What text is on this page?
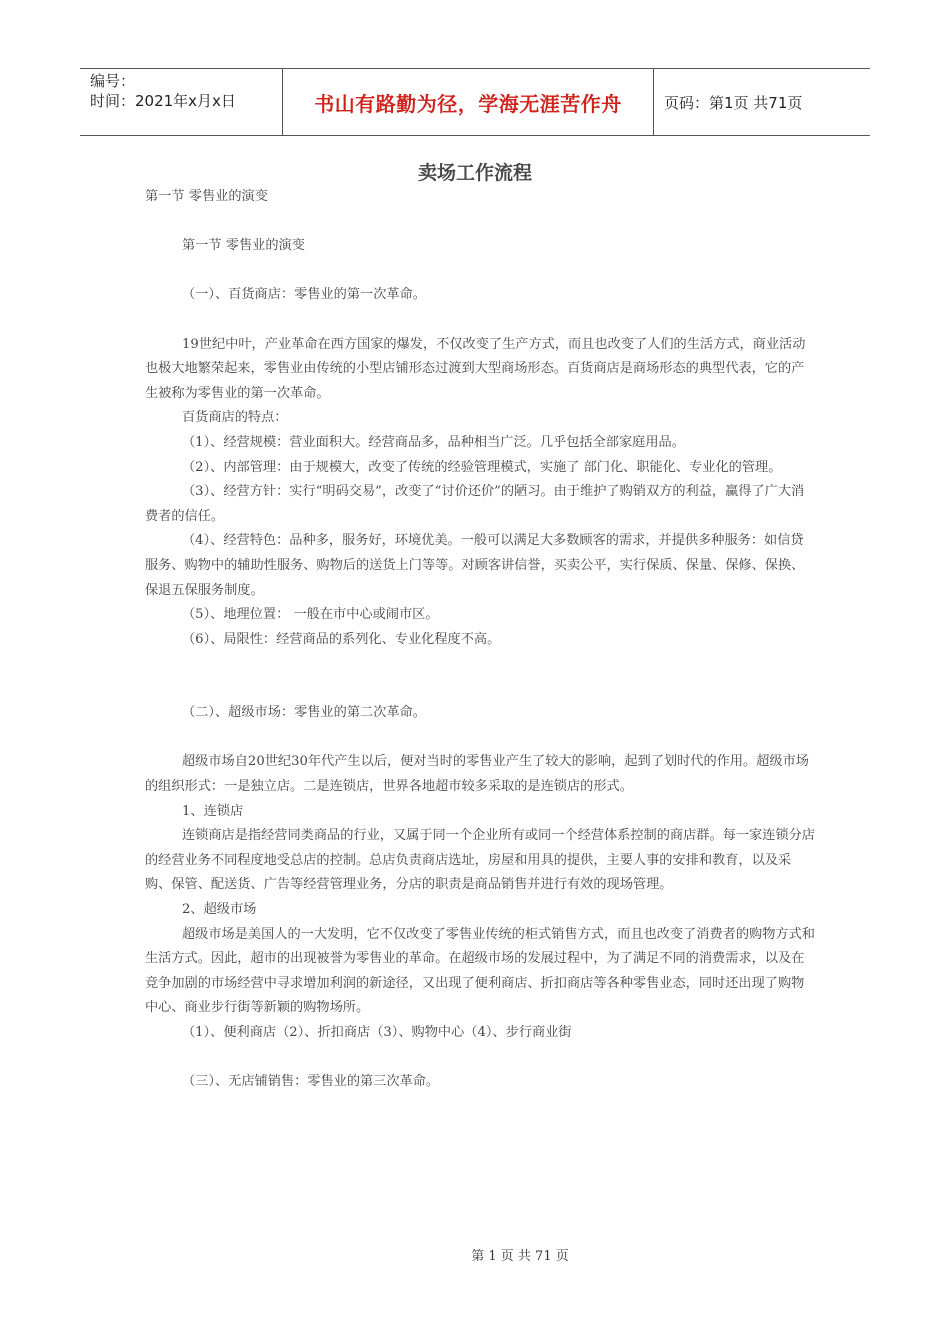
编号：
时间：2021年x月x日	书山有路勤为径，学海无涯苦作舟	页码：第1页 共71页
卖场工作流程

第一节 零售业的演变

第一节 零售业的演变

（一）、百货商店：零售业的第一次革命。

19世纪中叶，产业革命在西方国家的爆发，不仅改变了生产方式，而且也改变了人们的生活方式，商业活动也极大地繁荣起来，零售业由传统的小型店铺形态过渡到大型商场形态。百货商店是商场形态的典型代表，它的产生被称为零售业的第一次革命。

百货商店的特点：

（1）、经营规模：营业面积大。经营商品多，品种相当广泛。几乎包括全部家庭用品。

（2）、内部管理：由于规模大，改变了传统的经验管理模式，实施了 部门化、职能化、专业化的管理。

（3）、经营方针：实行“明码交易”，改变了“讨价还价”的陋习。由于维护了购销双方的利益，赢得了广大消费者的信任。

（4）、经营特色：品种多，服务好，环境优美。一般可以满足大多数顾客的需求，并提供多种服务：如信贷服务、购物中的辅助性服务、购物后的送货上门等等。对顾客讲信誉，买卖公平，实行保质、保量、保修、保换、保退五保服务制度。

（5）、地理位置： 一般在市中心或闹市区。

（6）、局限性：经营商品的系列化、专业化程度不高。

（二）、超级市场：零售业的第二次革命。

超级市场自20世纪30年代产生以后，便对当时的零售业产生了较大的影响，起到了划时代的作用。超级市场的组织形式：一是独立店。二是连锁店，世界各地超市较多采取的是连锁店的形式。

1、连锁店

连锁商店是指经营同类商品的行业，又属于同一个企业所有或同一个经营体系控制的商店群。每一家连锁分店的经营业务不同程度地受总店的控制。总店负责商店选址，房屋和用具的提供，主要人事的安排和教育，以及采购、保管、配送货、广告等经营管理业务，分店的职责是商品销售并进行有效的现场管理。

2、超级市场

超级市场是美国人的一大发明，它不仅改变了零售业传统的柜式销售方式，而且也改变了消费者的购物方式和生活方式。因此，超市的出现被誉为零售业的革命。在超级市场的发展过程中，为了满足不同的消费需求，以及在竞争加剧的市场经营中寻求增加利润的新途径，又出现了便利商店、折扣商店等各种零售业态，同时还出现了购物中心、商业步行街等新颖的购物场所。

（1）、便利商店（2）、折扣商店（3）、购物中心（4）、步行商业街

（三）、无店铺销售：零售业的第三次革命。

第 1 页 共 71 页
